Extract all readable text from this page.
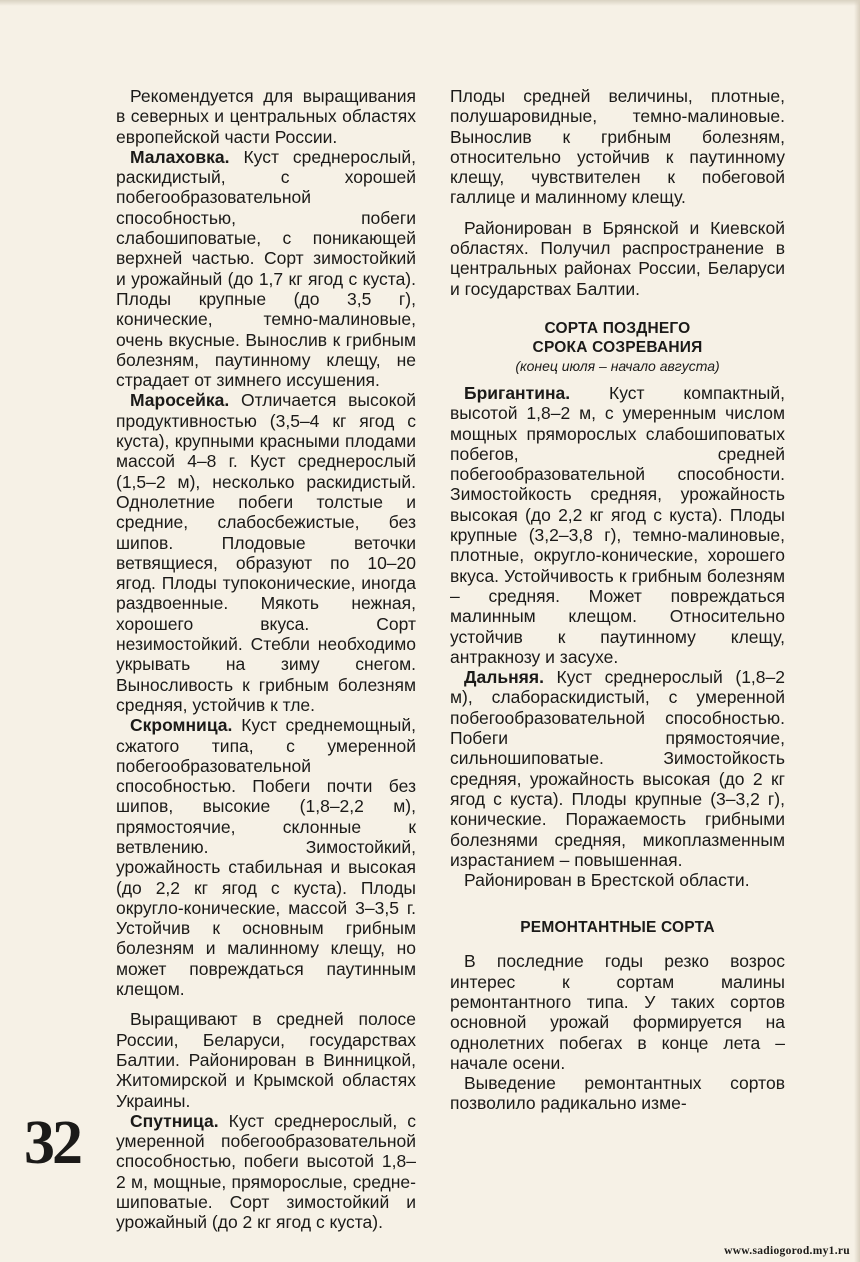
Рекомендуется для выращивания в северных и центральных областях европейской части России.

Малаховка. Куст среднерослый, раскидистый, с хорошей побегообразовательной способностью, побеги слабошиповатые, с поникающей верхней частью. Сорт зимостойкий и урожайный (до 1,7 кг ягод с куста). Плоды крупные (до 3,5 г), конические, темно-малиновые, очень вкусные. Вынослив к грибным болезням, паутинному клещу, не страдает от зимнего иссушения.

Маросейка. Отличается высокой продуктивностью (3,5–4 кг ягод с куста), крупными красными плодами массой 4–8 г. Куст среднерослый (1,5–2 м), несколько раскидистый. Однолетние побеги толстые и средние, слабосбежистые, без шипов. Плодовые веточки ветвящиеся, образуют по 10–20 ягод. Плоды тупоконические, иногда раздвоенные. Мякоть нежная, хорошего вкуса. Сорт незимостойкий. Стебли необходимо укрывать на зиму снегом. Выносливость к грибным болезням средняя, устойчив к тле.

Скромница. Куст среднемощный, сжатого типа, с умеренной побегообразовательной способностью. Побеги почти без шипов, высокие (1,8–2,2 м), прямостоячие, склонные к ветвлению. Зимостойкий, урожайность стабильная и высокая (до 2,2 кг ягод с куста). Плоды округло-конические, массой 3–3,5 г. Устойчив к основным грибным болезням и малинному клещу, но может повреждаться паутинным клещом.

Выращивают в средней полосе России, Беларуси, государствах Балтии. Районирован в Винницкой, Житомирской и Крымской областях Украины.

Спутница. Куст среднерослый, с умеренной побегообразовательной способностью, побеги высотой 1,8–2 м, мощные, пряморослые, среднешиповатые. Сорт зимостойкий и урожайный (до 2 кг ягод с куста).

Плоды средней величины, плотные, полушаровидные, темно-малиновые. Вынослив к грибным болезням, относительно устойчив к паутинному клещу, чувствителен к побеговой галлице и малинному клещу.

Районирован в Брянской и Киевской областях. Получил распространение в центральных районах России, Беларуси и государствах Балтии.

СОРТА ПОЗДНЕГО
СРОКА СОЗРЕВАНИЯ
(конец июля – начало августа)

Бригантина. Куст компактный, высотой 1,8–2 м, с умеренным числом мощных пряморослых слабошиповатых побегов, средней побегообразовательной способности. Зимостойкость средняя, урожайность высокая (до 2,2 кг ягод с куста). Плоды крупные (3,2–3,8 г), темно-малиновые, плотные, округло-конические, хорошего вкуса. Устойчивость к грибным болезням – средняя. Может повреждаться малинным клещом. Относительно устойчив к паутинному клещу, антракнозу и засухе.

Дальняя. Куст среднерослый (1,8–2 м), слабораскидистый, с умеренной побегообразовательной способностью. Побеги прямостоячие, сильношиповатые. Зимостойкость средняя, урожайность высокая (до 2 кг ягод с куста). Плоды крупные (3–3,2 г), конические. Поражаемость грибными болезнями средняя, микоплазменным израстанием – повышенная.

Районирован в Брестской области.

РЕМОНТАНТНЫЕ СОРТА

В последние годы резко возрос интерес к сортам малины ремонтантного типа. У таких сортов основной урожай формируется на однолетних побегах в конце лета – начале осени.

Выведение ремонтантных сортов позволило радикально изме-

32
www.sadiogorod.my1.ru
